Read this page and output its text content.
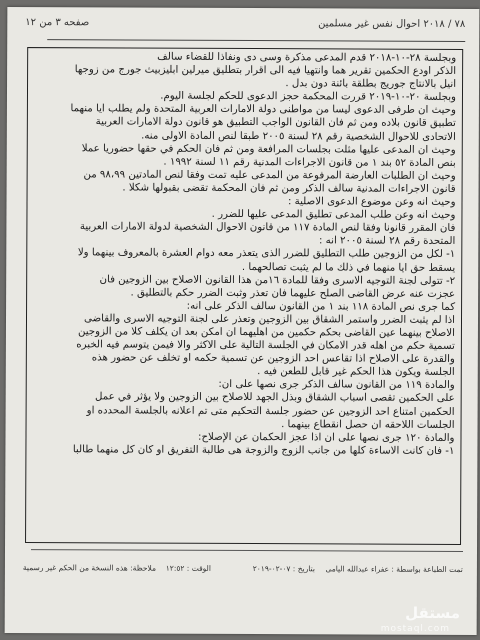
٧٨ / ٢٠١٨ احوال نفس غير مسلمين
صفحه ٣ من ١٢

وبجلسة ٢٨-١٠-٢٠١٨ قدم المدعى مذكرة وسى دى ونفاذا للقضاء سالف

الذكر اودع الحكمين تقرير هما وانتهيا فيه الى اقرار بتطليق ميرلين ابليزبيث جورج من زوجها

انيل بالانتاج جوريج بطلقة بائنة دون بدل .

وبجلسة ٢٠-١٠-٢٠١٩ قررت المحكمة حجز الدعوى للحكم لجلسة اليوم.

وحيث ان طرفى الدعوى ليسا من مواطنى دولة الامارات العربية المتحدة ولم يطلب ايا منهما

تطبيق قانون بلاده ومن ثم فان القانون الواجب التطبيق هو قانون دولة الامارات العربية

الاتحادى للاحوال الشخصية رقم ٢٨ لسنة ٢٠٠٥ طبقا لنص المادة الاولى منه.

وحيث ان المدعى عليها مثلت بجلسات المرافعة ومن ثم فان الحكم في حقها حضوريا عملا

بنص المادة ٥٢ بند ١ من قانون الاجراءات المدنية رقم ١١ لسنة ١٩٩٢ .

وحيث ان الطلبات العارضة المرفوعة من المدعى عليه تمت وفقا لنص المادتين ٩٨،٩٩ من

قانون الاجراءات المدنية سالف الذكر ومن ثم فان المحكمة تقضى بقبولها شكلا .

وحيث انه وعن موضوع الدعوى الاصلية :

وحيث انه وعن طلب المدعى تطليق المدعى عليها للضرر .

فان المقرر قانونا وفقا لنص المادة ١١٧ من قانون الاحوال الشخصية لدولة الامارات العربية

المتحدة رقم ٢٨ لسنة ٢٠٠٥ انه :

١- لكل من الزوجين طلب التطليق للضرر الذى يتعذر معه دوام العشرة بالمعروف بينهما ولا

يسقط حق ايا منهما في ذلك ما لم يثبت تصالحهما .

٢- تتولى لجنة التوجيه الاسرى وفقا للمادة ١٦من هذا القانون الاصلاح بين الزوجين فان

عجزت عنه عرض القاضى الصلح عليهما فان تعذر وثبت الضرر حكم بالتطليق .

كما جرى نص المادة ١١٨ بند ١ من القانون سالف الذكر على انه:

اذا لم يثبت الضرر واستمر الشقاق بين الزوجين وتعذر على لجنة التوجيه الاسرى والقاضى

الاصلاح بينهما عين القاضى بحكم حكمين من اهليهما ان امكن بعد ان يكلف كلا من الزوجين

تسمية حكم من اهله قدر الامكان في الجلسة التالية على الاكثر والا فيمن يتوسم فيه الخبره

والقدرة على الاصلاح اذا تقاعس احد الزوجين عن تسمية حكمه او تخلف عن حضور هذه

الجلسة ويكون هذا الحكم غير قابل للطعن فيه .

والمادة ١١٩ من القانون سالف الذكر جرى نصها على ان:

على الحكمين تقصى اسباب الشقاق وبذل الجهد للاصلاح بين الزوجين ولا يؤثر في عمل

الحكمين امتناع احد الزوجين عن حضور جلسة التحكيم متى تم اعلانه بالجلسة المحدده او

الجلسات اللاحقه ان حصل انقطاع بينهما .

والمادة ١٢٠ جرى نصها على ان اذا عجز الحكمان عن الإصلاح:

١- فان كانت الاساءة كلها من جانب الزوج والزوجة هى طالبة التفريق او كان كل منهما طالبا

تمت الطباعة بواسطة : عفراء عبدالله اليامى
بتاريخ : ٠٧-٠٢-٢٠١٩
الوقت : ١٢:٥٢
ملاحظة: هذه النسخة من الحكم غير رسمية
مستقل
mostaql.com
